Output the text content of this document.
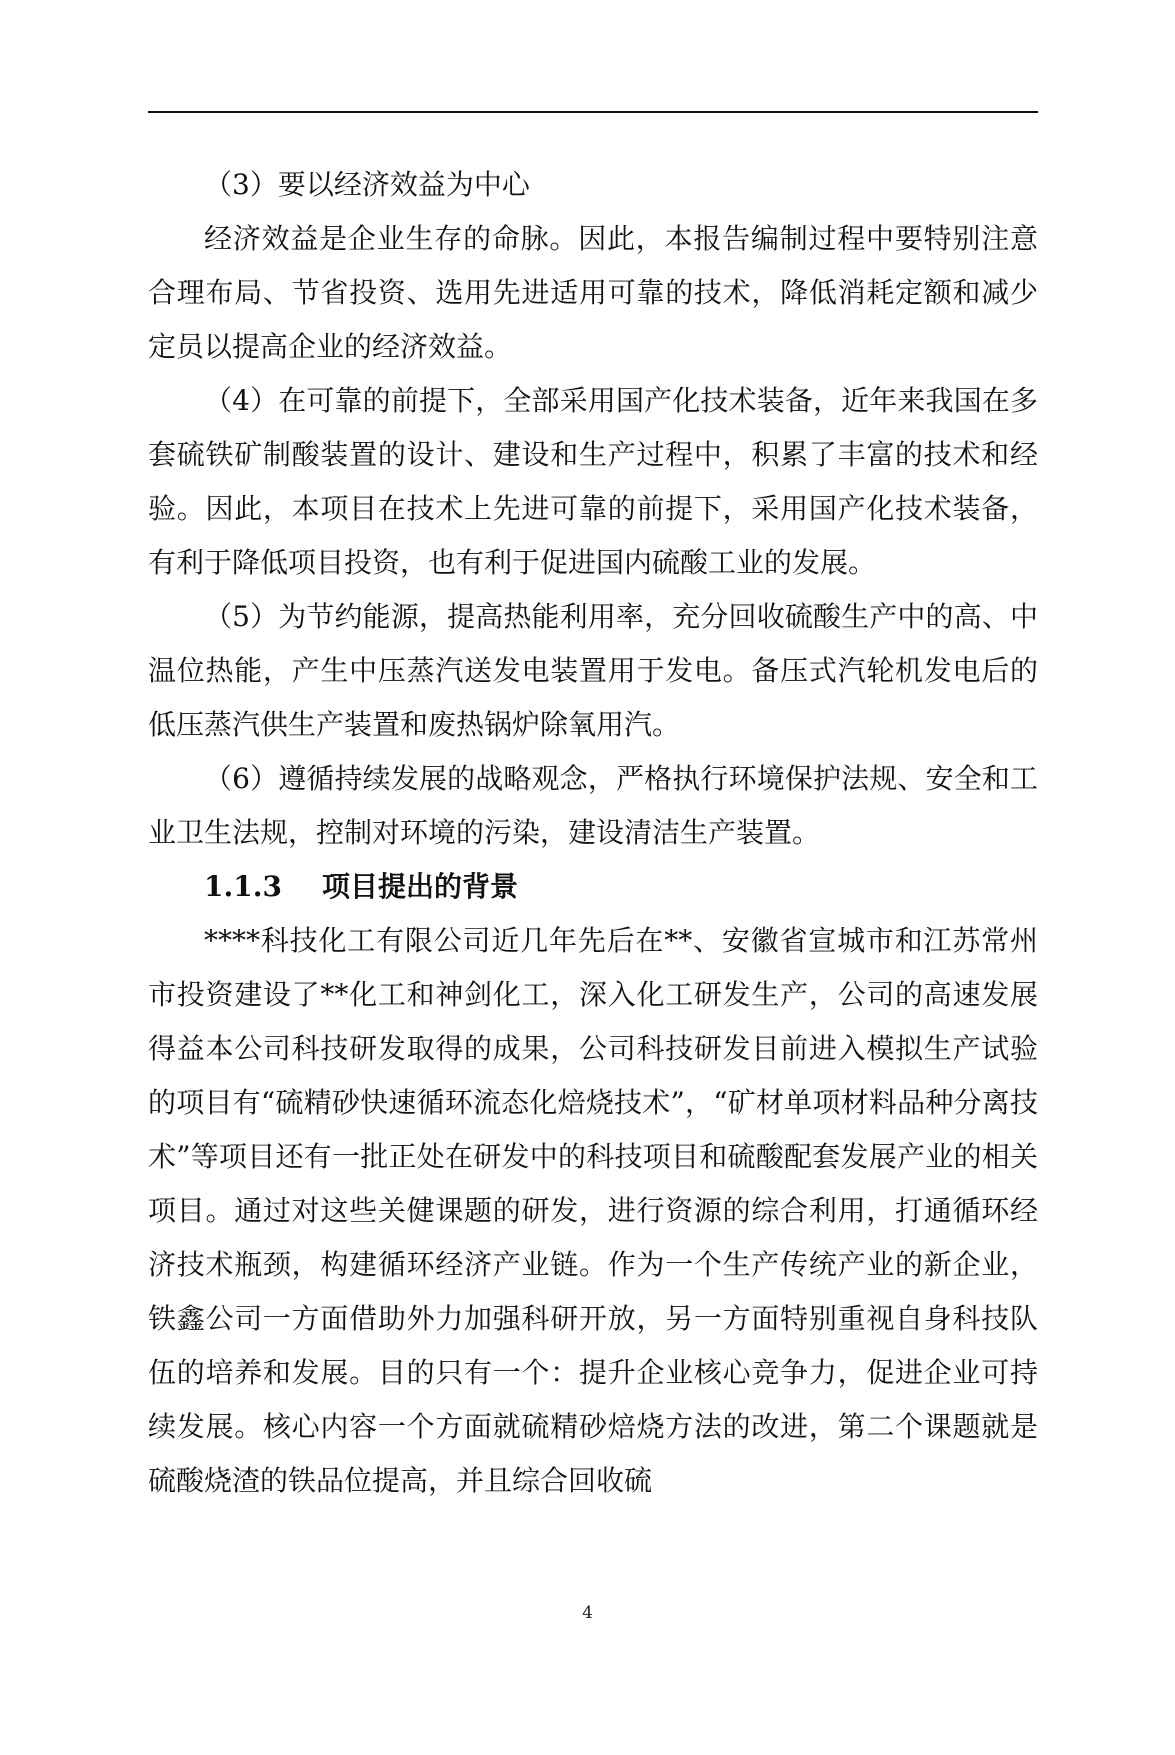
（3）要以经济效益为中心

经济效益是企业生存的命脉。因此，本报告编制过程中要特别注意合理布局、节省投资、选用先进适用可靠的技术，降低消耗定额和减少定员以提高企业的经济效益。

（4）在可靠的前提下，全部采用国产化技术装备，近年来我国在多套硫铁矿制酸装置的设计、建设和生产过程中，积累了丰富的技术和经验。因此，本项目在技术上先进可靠的前提下，采用国产化技术装备，有利于降低项目投资，也有利于促进国内硫酸工业的发展。

（5）为节约能源，提高热能利用率，充分回收硫酸生产中的高、中温位热能，产生中压蒸汽送发电装置用于发电。备压式汽轮机发电后的低压蒸汽供生产装置和废热锅炉除氧用汽。

（6）遵循持续发展的战略观念，严格执行环境保护法规、安全和工业卫生法规，控制对环境的污染，建设清洁生产装置。

1.1.3 项目提出的背景

****科技化工有限公司近几年先后在**、安徽省宣城市和江苏常州市投资建设了**化工和神剑化工，深入化工研发生产，公司的高速发展得益本公司科技研发取得的成果，公司科技研发目前进入模拟生产试验的项目有“硫精砂快速循环流态化焙烧技术”，“矿材单项材料品种分离技术”等项目还有一批正处在研发中的科技项目和硫酸配套发展产业的相关项目。通过对这些关健课题的研发，进行资源的综合利用，打通循环经济技术瓶颈，构建循环经济产业链。作为一个生产传统产业的新企业，铁鑫公司一方面借助外力加强科研开放，另一方面特别重视自身科技队伍的培养和发展。目的只有一个：提升企业核心竞争力，促进企业可持续发展。核心内容一个方面就硫精砂焙烧方法的改进，第二个课题就是硫酸烧渣的铁品位提高，并且综合回收硫

4
